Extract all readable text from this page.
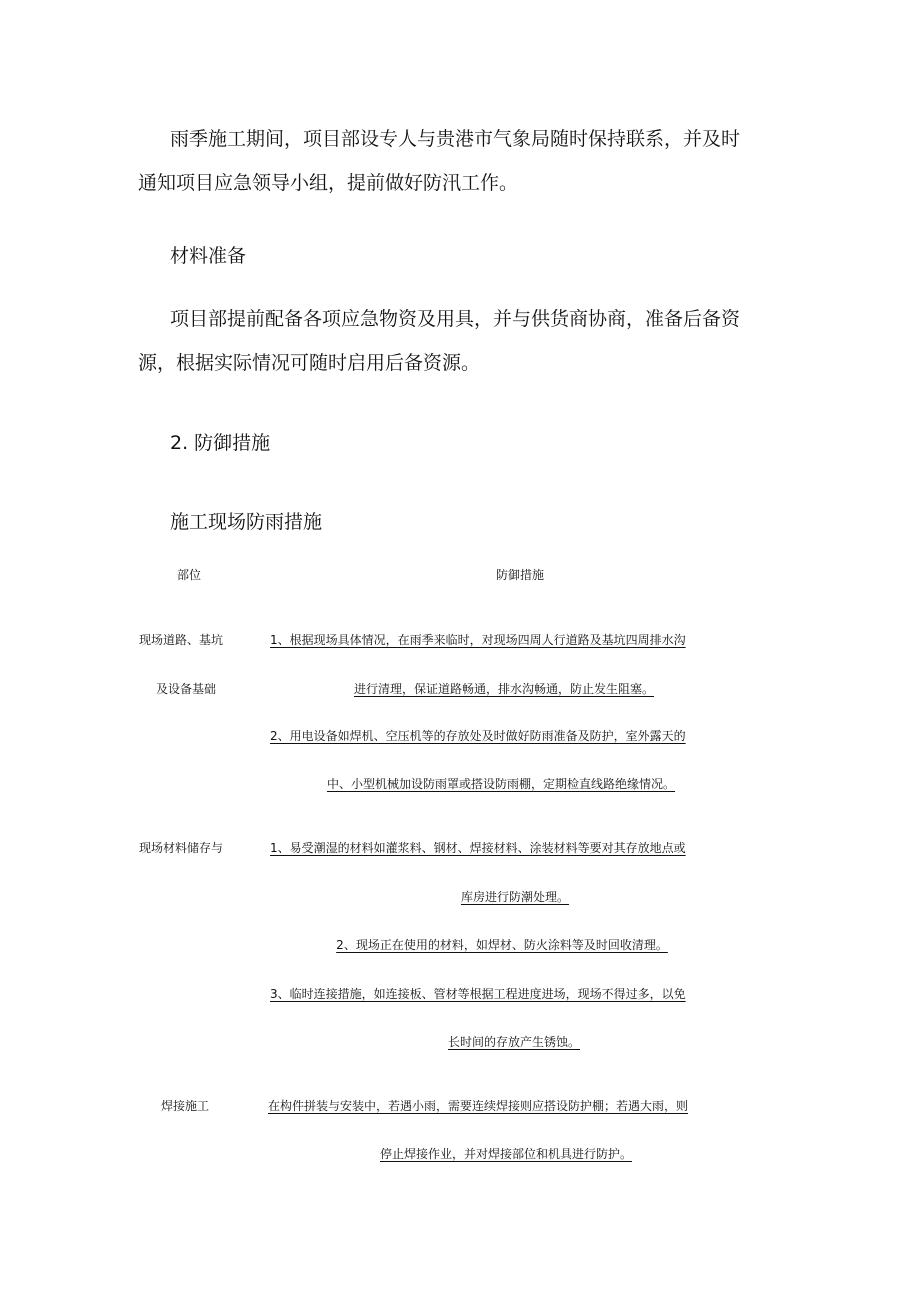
雨季施工期间，项目部设专人与贵港市气象局随时保持联系，并及时
通知项目应急领导小组，提前做好防汛工作。

材料准备

项目部提前配备各项应急物资及用具，并与供货商协商，准备后备资
源，根据实际情况可随时启用后备资源。

2. 防御措施
施工现场防雨措施
部位	防御措施
现场道路、基坑
及设备基础
1、根据现场具体情况，在雨季来临时，对现场四周人行道路及基坑四周排水沟
进行清理，保证道路畅通，排水沟畅通，防止发生阻塞。
2、用电设备如焊机、空压机等的存放处及时做好防雨准备及防护，室外露天的
中、小型机械加设防雨罩或搭设防雨棚，定期检直线路绝缘情况。
现场材料储存与	1、易受潮湿的材料如灌浆料、钢材、焊接材料、涂装材料等要对其存放地点或
库房进行防潮处理。
2、现场正在使用的材料，如焊材、防火涂料等及时回收清理。
3、临时连接措施，如连接板、管材等根据工程进度进场，现场不得过多，以免
长时间的存放产生锈蚀。
焊接施工	在构件拼装与安装中，若遇小雨，需要连续焊接则应搭设防护棚；若遇大雨，则
停止焊接作业，并对焊接部位和机具进行防护。
